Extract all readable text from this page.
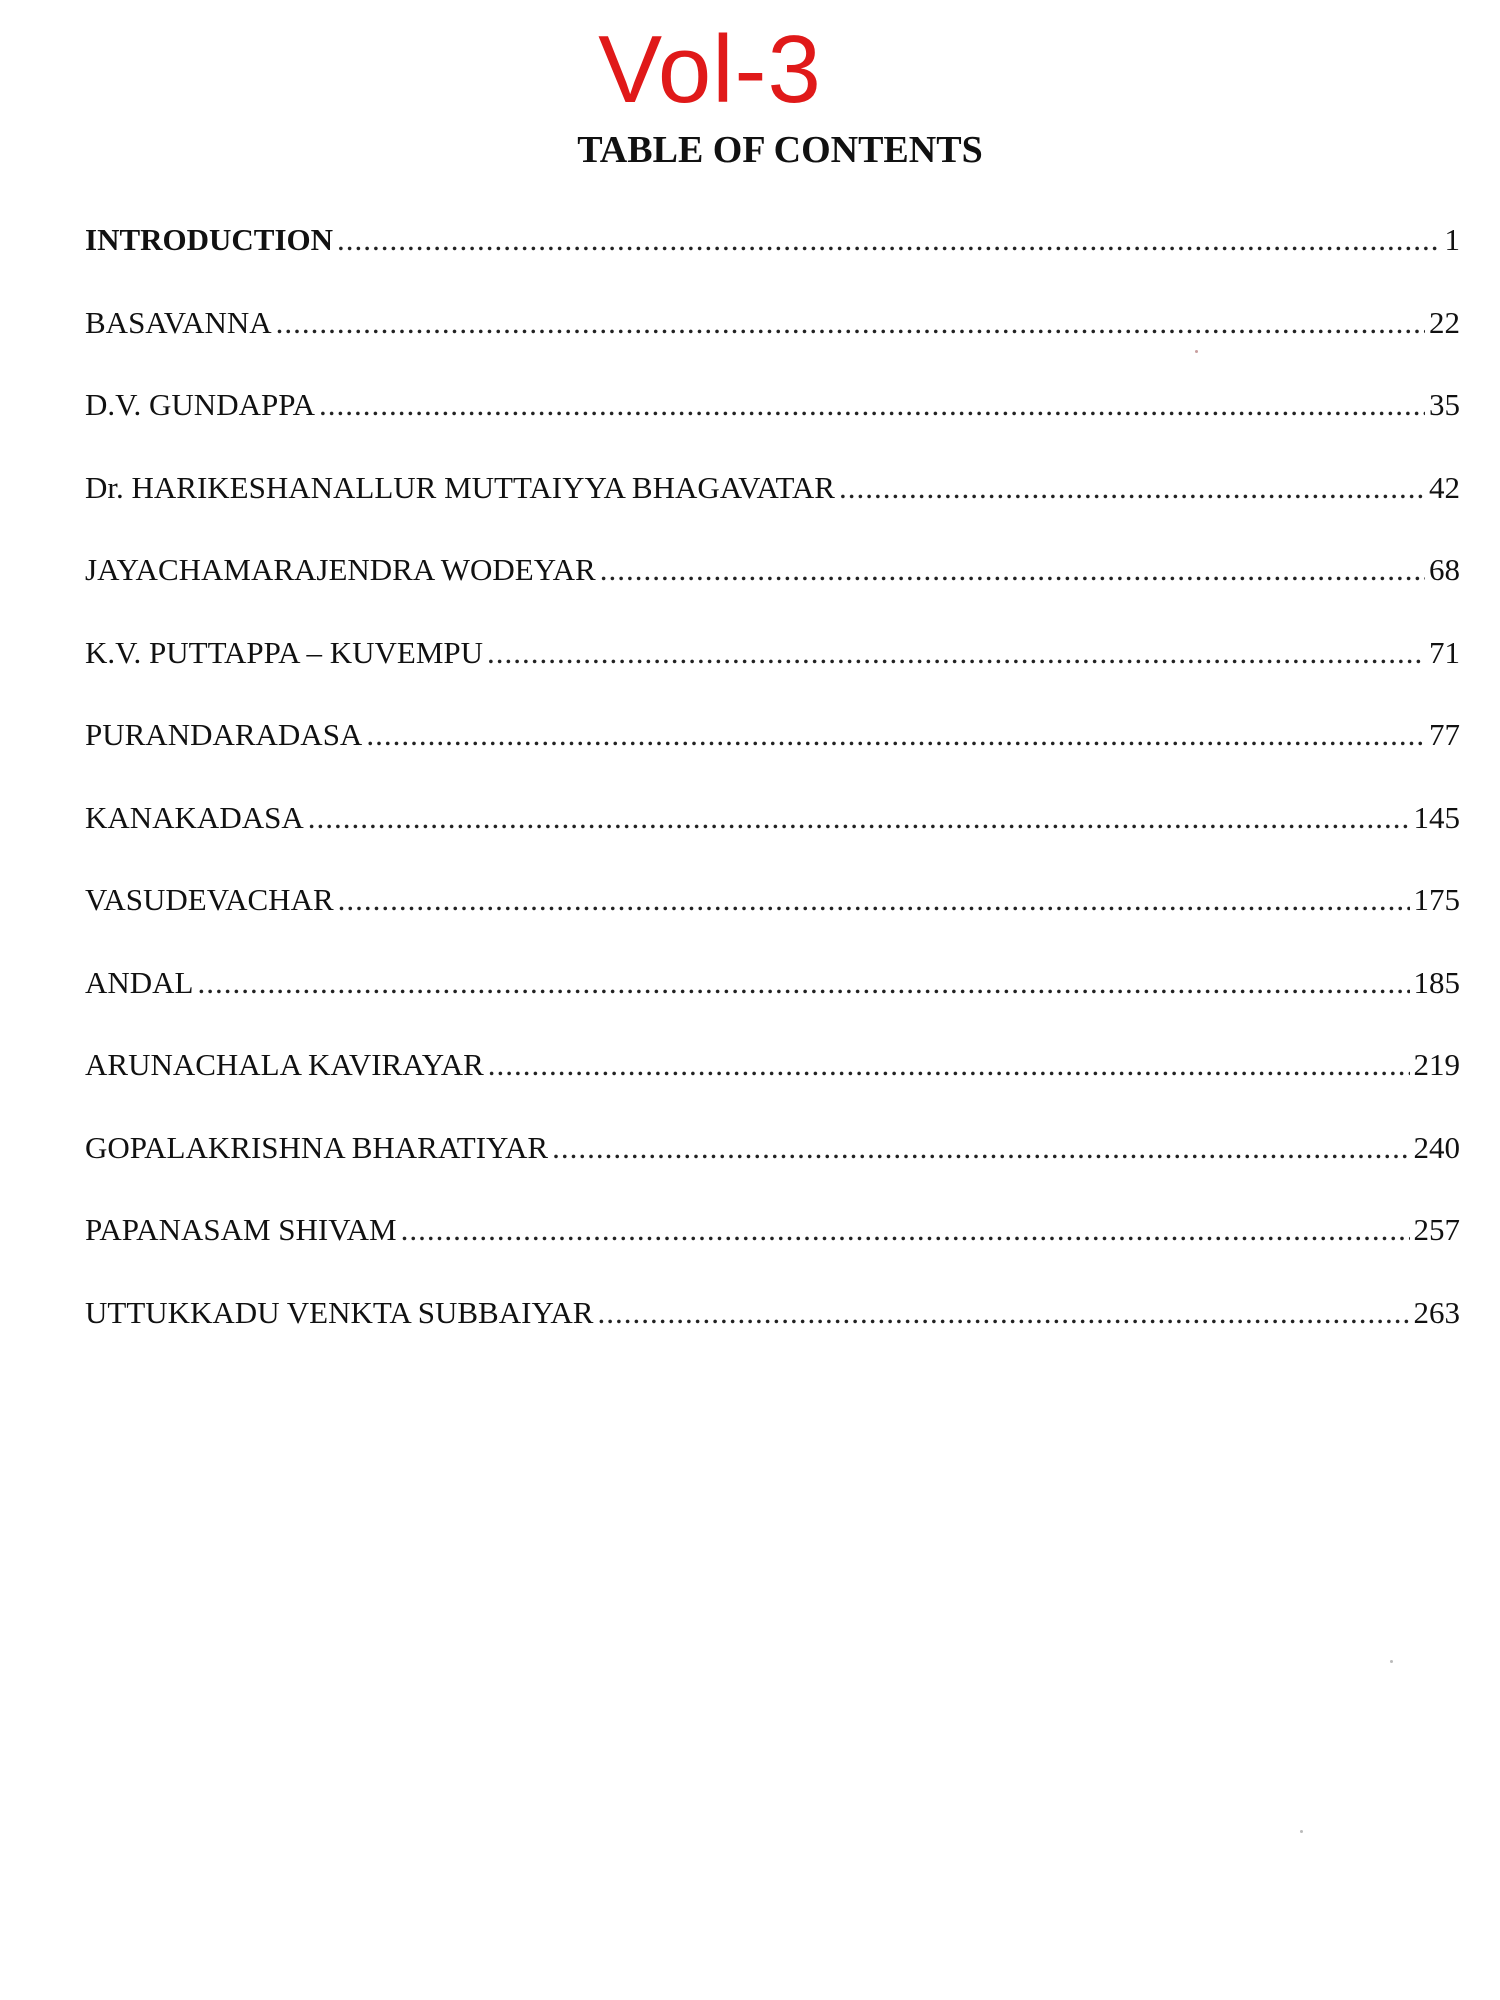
Vol-3
TABLE OF CONTENTS
INTRODUCTION .....	1
BASAVANNA .....	22
D.V. GUNDAPPA .....	35
Dr. HARIKESHANALLUR MUTTAIYYA BHAGAVATAR .....	42
JAYACHAMARAJENDRA WODEYAR .....	68
K.V. PUTTAPPA – KUVEMPU .....	71
PURANDARADASA .....	77
KANAKADASA .....	145
VASUDEVACHAR .....	175
ANDAL .....	185
ARUNACHALA KAVIRAYAR .....	219
GOPALAKRISHNA BHARATIYAR .....	240
PAPANASAM SHIVAM .....	257
UTTUKKADU VENKTA SUBBAIYAR .....	263
